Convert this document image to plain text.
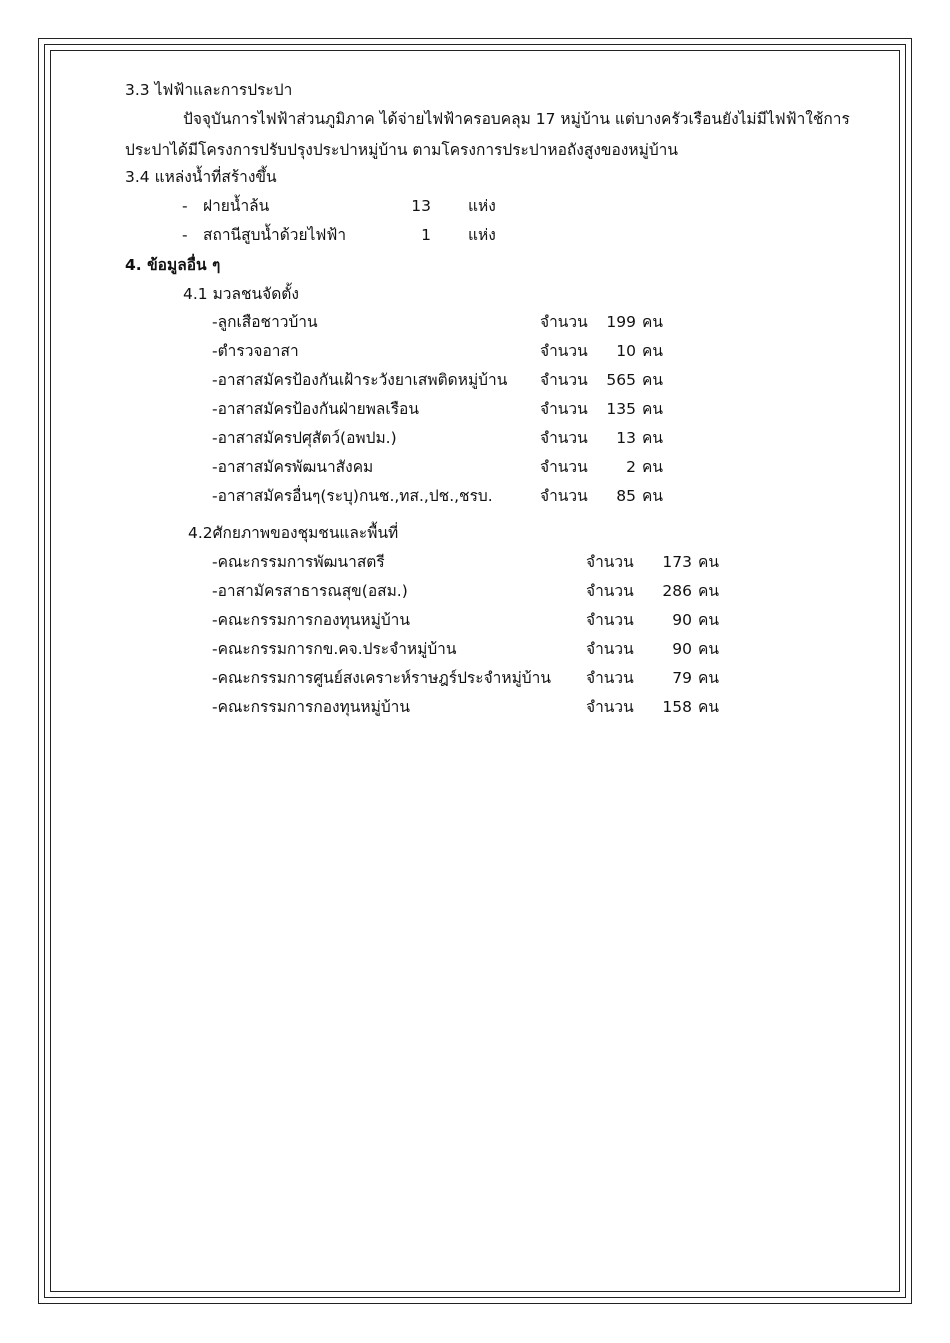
3.3 ไฟฟ้าและการประปา
ปัจจุบันการไฟฟ้าส่วนภูมิภาค ได้จ่ายไฟฟ้าครอบคลุม 17 หมู่บ้าน แต่บางครัวเรือนยังไม่มีไฟฟ้าใช้การ
ประปาได้มีโครงการปรับปรุงประปาหมู่บ้าน ตามโครงการประปาหอถังสูงของหมู่บ้าน
3.4 แหล่งน้ำที่สร้างขึ้น
- ฝายน้ำล้น	13 แห่ง
- สถานีสูบน้ำด้วยไฟฟ้า	1 แห่ง
4. ข้อมูลอื่น ๆ
4.1 มวลชนจัดตั้ง
-ลูกเสือชาวบ้าน	จำนวน	199 คน
-ตำรวจอาสา	จำนวน	10 คน
-อาสาสมัครป้องกันเฝ้าระวังยาเสพติดหมู่บ้าน จำนวน	565 คน
-อาสาสมัครป้องกันฝ่ายพลเรือน	จำนวน	135 คน
-อาสาสมัครปศุสัตว์(อพปม.)	จำนวน	13 คน
-อาสาสมัครพัฒนาสังคม	จำนวน	2 คน
-อาสาสมัครอื่นๆ(ระบุ)กนช.,ทส.,ปช.,ชรบ.	จำนวน	85 คน
4.2ศักยภาพของชุมชนและพื้นที่
-คณะกรรมการพัฒนาสตรี	จำนวน	173 คน
-อาสามัครสาธารณสุข(อสม.)	จำนวน	286 คน
-คณะกรรมการกองทุนหมู่บ้าน	จำนวน	90 คน
-คณะกรรมการกข.คจ.ประจำหมู่บ้าน	จำนวน	90 คน
-คณะกรรมการศูนย์สงเคราะห์ราษฎร์ประจำหมู่บ้าน จำนวน	79 คน
-คณะกรรมการกองทุนหมู่บ้าน	จำนวน	158 คน
